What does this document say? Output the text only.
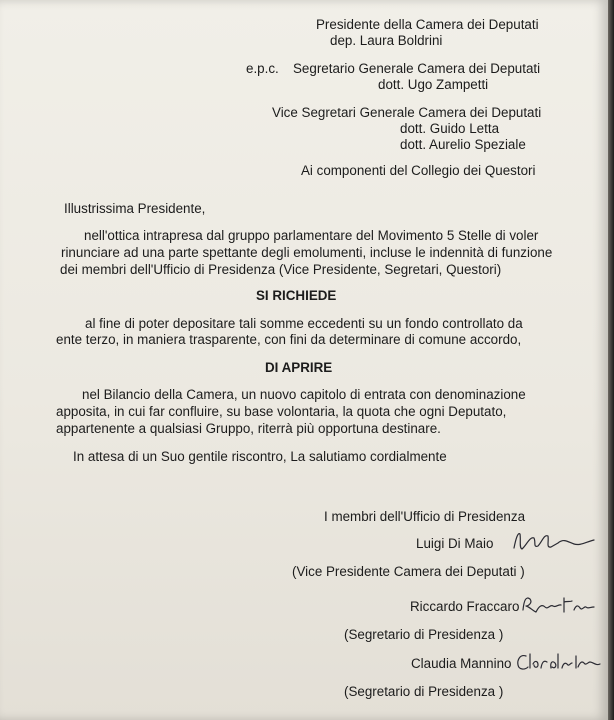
Presidente della Camera dei Deputati
dep. Laura Boldrini
e.p.c. Segretario Generale Camera dei Deputati
dott. Ugo Zampetti
Vice Segretari Generale Camera dei Deputati
dott. Guido Letta
dott. Aurelio Speziale
Ai componenti del Collegio dei Questori
Illustrissima Presidente,
nell'ottica intrapresa dal gruppo parlamentare del Movimento 5 Stelle di voler
rinunciare ad una parte spettante degli emolumenti, incluse le indennità di funzione
dei membri dell'Ufficio di Presidenza (Vice Presidente, Segretari, Questori)
SI RICHIEDE
al fine di poter depositare tali somme eccedenti su un fondo controllato da
ente terzo, in maniera trasparente, con fini da determinare di comune accordo,
DI APRIRE
nel Bilancio della Camera, un nuovo capitolo di entrata con denominazione
apposita, in cui far confluire, su base volontaria, la quota che ogni Deputato,
appartenente a qualsiasi Gruppo, riterrà più opportuna destinare.
In attesa di un Suo gentile riscontro, La salutiamo cordialmente
I membri dell'Ufficio di Presidenza
Luigi Di Maio
(Vice Presidente Camera dei Deputati )
Riccardo Fraccaro
(Segretario di Presidenza )
Claudia Mannino
(Segretario di Presidenza )
